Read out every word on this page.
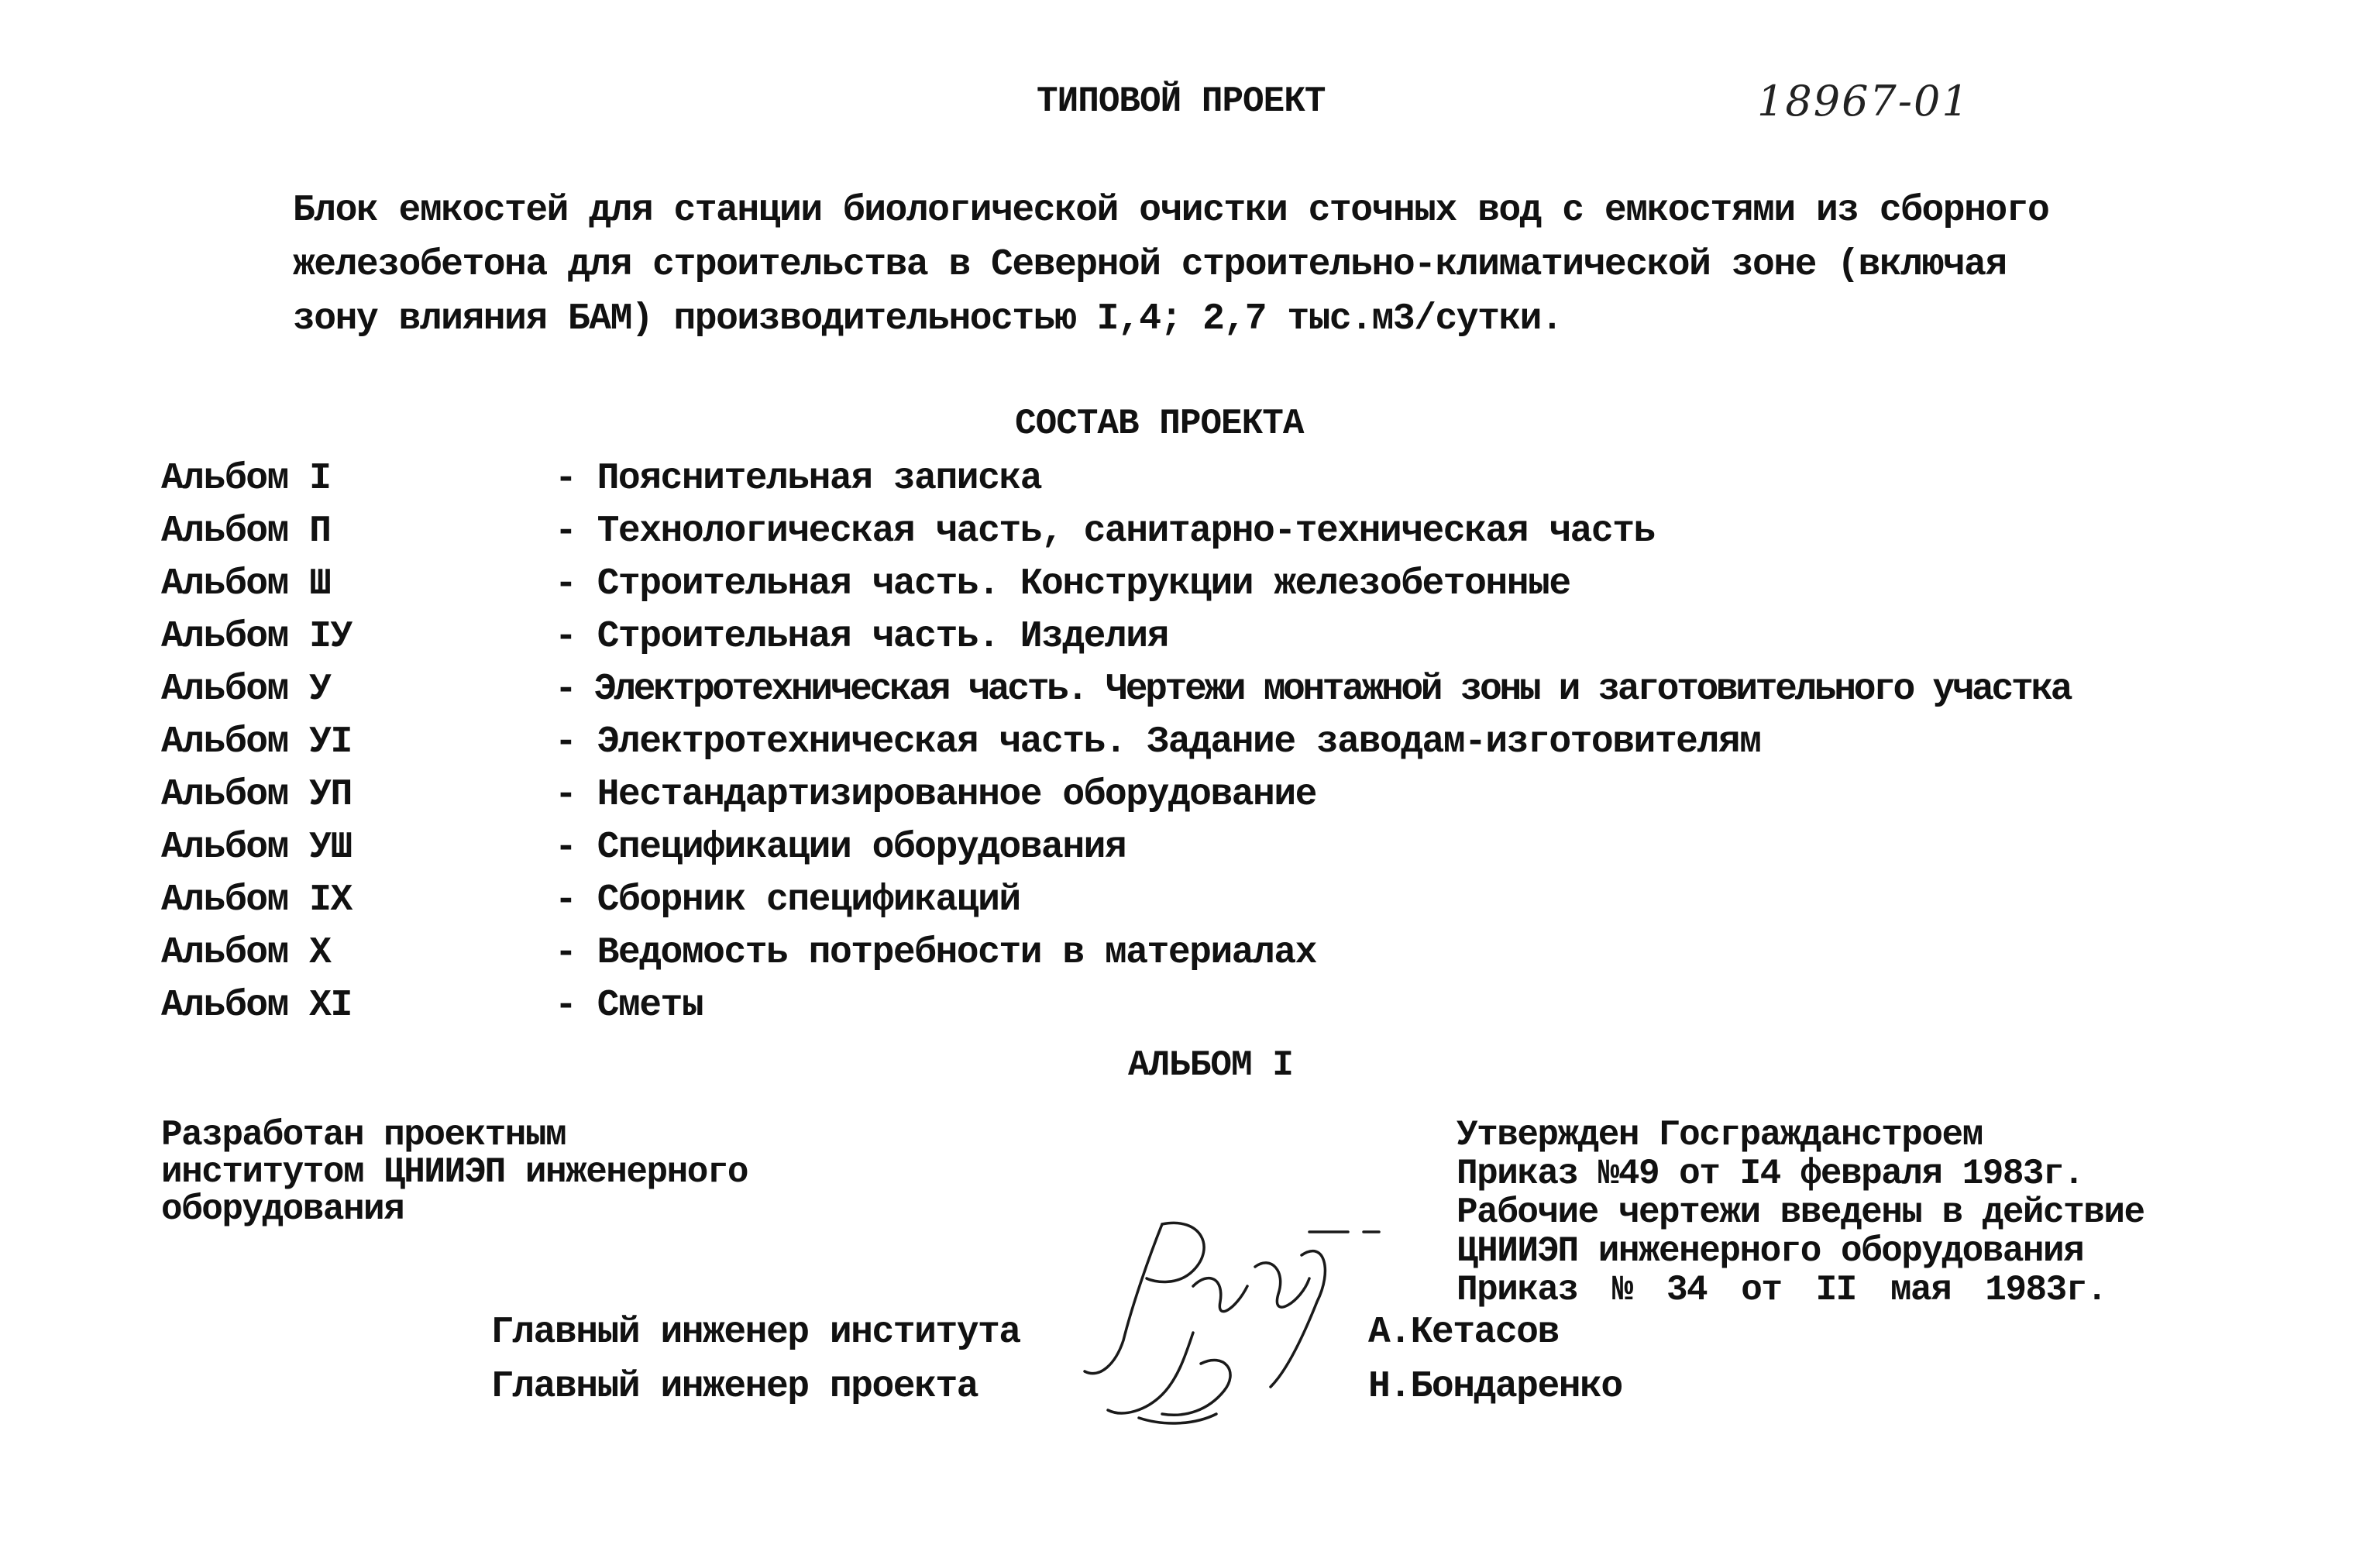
ТИПОВОЙ ПРОЕКТ	18967-01
Блок емкостей для станции биологической очистки сточных вод с емкостями из сборного
железобетона для строительства в Северной строительно-климатической зоне (включая
зону влияния БАМ) производительностью I,4; 2,7 тыс.м3/сутки.
СОСТАВ ПРОЕКТА
Альбом I	- Пояснительная записка
Альбом П	- Технологическая часть, санитарно-техническая часть
Альбом Ш	- Строительная часть. Конструкции железобетонные
Альбом IУ	- Строительная часть. Изделия
Альбом У	- Электротехническая часть. Чертежи монтажной зоны и заготовительного участка
Альбом УI	- Электротехническая часть. Задание заводам-изготовителям
Альбом УП	- Нестандартизированное оборудование
Альбом УШ	- Спецификации оборудования
Альбом IX	- Сборник спецификаций
Альбом X	- Ведомость потребности в материалах
Альбом XI	- Сметы
АЛЬБОМ I
Разработан проектным
институтом ЦНИИЭП инженерного
оборудования
Утвержден Госгражданстроем
Приказ №49 от I4 февраля 1983г.
Рабочие чертежи введены в действие
ЦНИИЭП инженерного оборудования
Приказ № 34 от II мая 1983г.
Главный инженер института	А.Кетасов
Главный инженер проекта	Н.Бондаренко
